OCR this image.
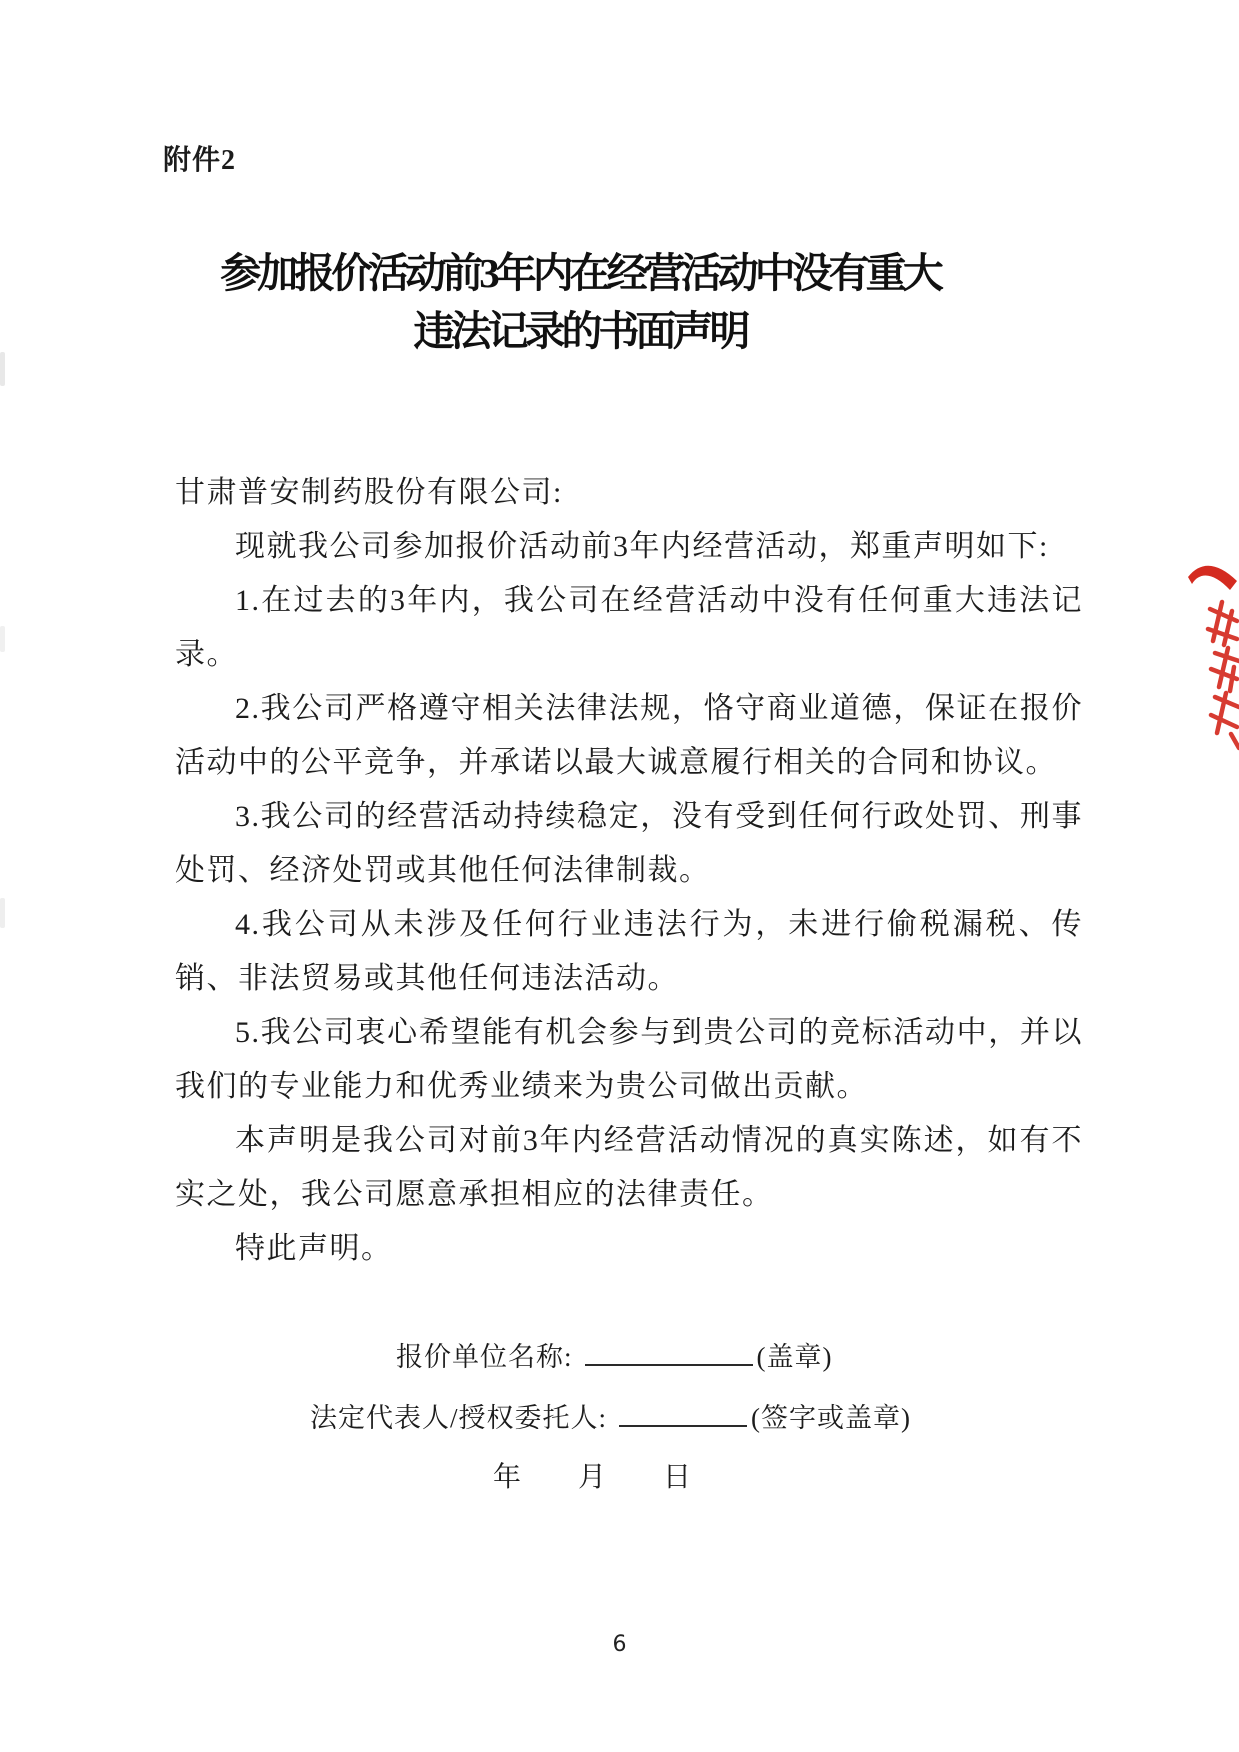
附件2
参加报价活动前3年内在经营活动中没有重大
违法记录的书面声明

甘肃普安制药股份有限公司:

现就我公司参加报价活动前3年内经营活动，郑重声明如下:

1.在过去的3年内，我公司在经营活动中没有任何重大违法记录。

2.我公司严格遵守相关法律法规，恪守商业道德，保证在报价活动中的公平竞争，并承诺以最大诚意履行相关的合同和协议。

3.我公司的经营活动持续稳定，没有受到任何行政处罚、刑事处罚、经济处罚或其他任何法律制裁。

4.我公司从未涉及任何行业违法行为，未进行偷税漏税、传销、非法贸易或其他任何违法活动。

5.我公司衷心希望能有机会参与到贵公司的竞标活动中，并以我们的专业能力和优秀业绩来为贵公司做出贡献。

本声明是我公司对前3年内经营活动情况的真实陈述，如有不实之处，我公司愿意承担相应的法律责任。

特此声明。

报价单位名称:	(盖章)
法定代表人/授权委托人:	(签字或盖章)
年 月 日
6
